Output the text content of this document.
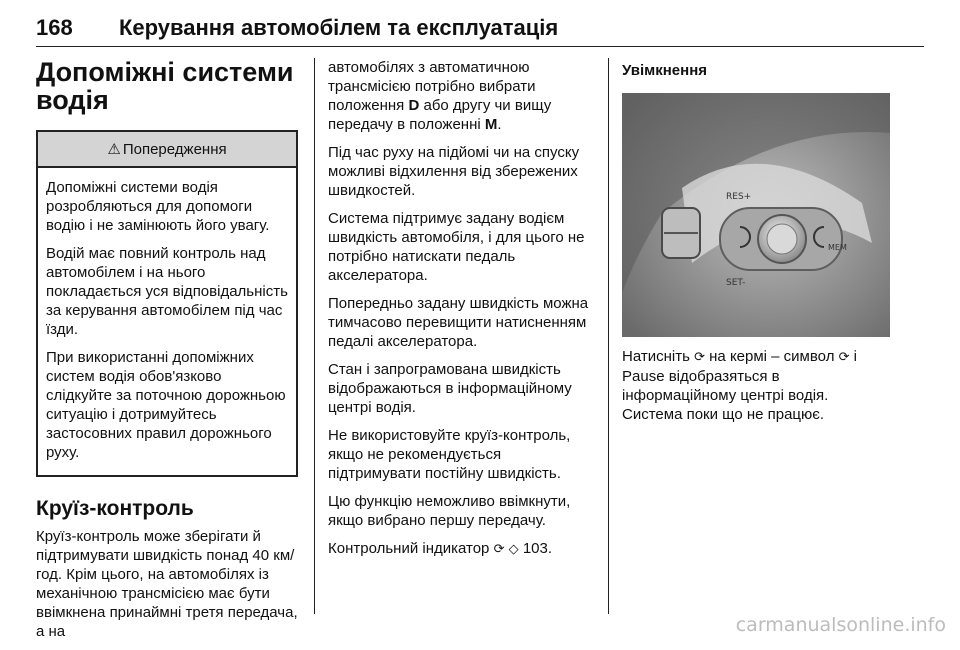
168 Керування автомобілем та експлуатація
Допоміжні системи водія
⚠ Попередження
Допоміжні системи водія розробляються для допомоги водію і не замінюють його увагу.
Водій має повний контроль над автомобілем і на нього покладається уся відповідальність за керування автомобілем під час їзди.
При використанні допоміжних систем водія обов'язково слідкуйте за поточною дорожньою ситуацію і дотримуйтесь застосовних правил дорожнього руху.
Круїз-контроль
Круїз-контроль може зберігати й підтримувати швидкість понад 40 км/год. Крім цього, на автомобілях із механічною трансмісією має бути ввімкнена принаймні третя передача, а на
автомобілях з автоматичною трансмісією потрібно вибрати положення D або другу чи вищу передачу в положенні M.
Під час руху на підйомі чи на спуску можливі відхилення від збережених швидкостей.
Система підтримує задану водієм швидкість автомобіля, і для цього не потрібно натискати педаль акселератора.
Попередньо задану швидкість можна тимчасово перевищити натисненням педалі акселератора.
Стан і запрограмована швидкість відображаються в інформаційному центрі водія.
Не використовуйте круїз-контроль, якщо не рекомендується підтримувати постійну швидкість.
Цю функцію неможливо ввімкнути, якщо вибрано першу передачу.
Контрольний індикатор ⟳ ◇ 103.
Увімкнення
RES+
SET-
MEM
Натисніть ⟳ на кермі – символ ⟳ і Pause відобразяться в інформаційному центрі водія. Система поки що не працює.
carmanualsonline.info
